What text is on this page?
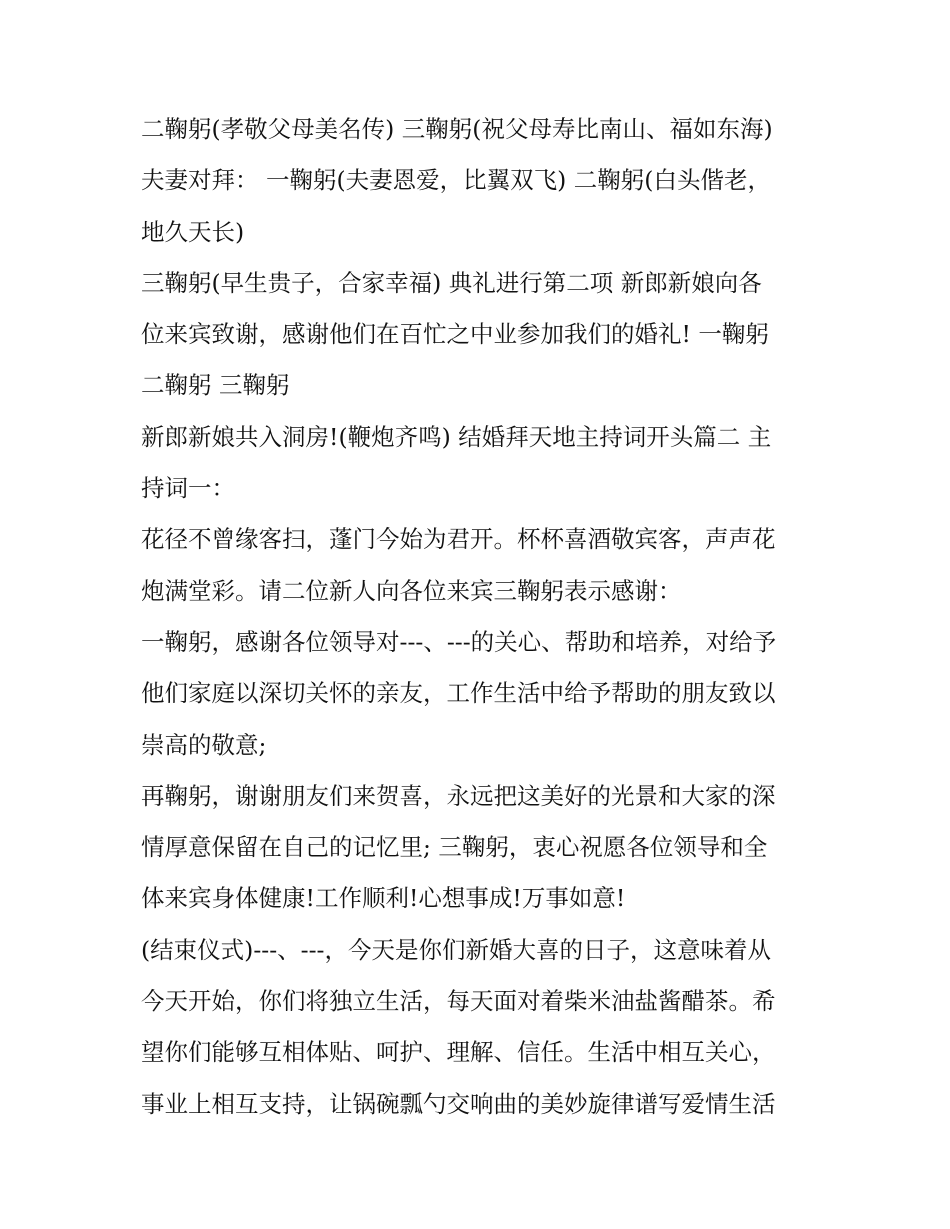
二鞠躬(孝敬父母美名传) 三鞠躬(祝父母寿比南山、福如东海)
夫妻对拜： 一鞠躬(夫妻恩爱，比翼双飞) 二鞠躬(白头偕老，
地久天长)
三鞠躬(早生贵子，合家幸福) 典礼进行第二项 新郎新娘向各
位来宾致谢，感谢他们在百忙之中业参加我们的婚礼! 一鞠躬
二鞠躬 三鞠躬
新郎新娘共入洞房!(鞭炮齐鸣) 结婚拜天地主持词开头篇二 主
持词一：
花径不曾缘客扫，蓬门今始为君开。杯杯喜酒敬宾客，声声花
炮满堂彩。请二位新人向各位来宾三鞠躬表示感谢：
一鞠躬，感谢各位领导对---、---的关心、帮助和培养，对给予
他们家庭以深切关怀的亲友，工作生活中给予帮助的朋友致以
崇高的敬意;
再鞠躬，谢谢朋友们来贺喜，永远把这美好的光景和大家的深
情厚意保留在自己的记忆里; 三鞠躬，衷心祝愿各位领导和全
体来宾身体健康!工作顺利!心想事成!万事如意!
(结束仪式)---、---，今天是你们新婚大喜的日子，这意味着从
今天开始，你们将独立生活，每天面对着柴米油盐酱醋茶。希
望你们能够互相体贴、呵护、理解、信任。生活中相互关心，
事业上相互支持，让锅碗瓢勺交响曲的美妙旋律谱写爱情生活
